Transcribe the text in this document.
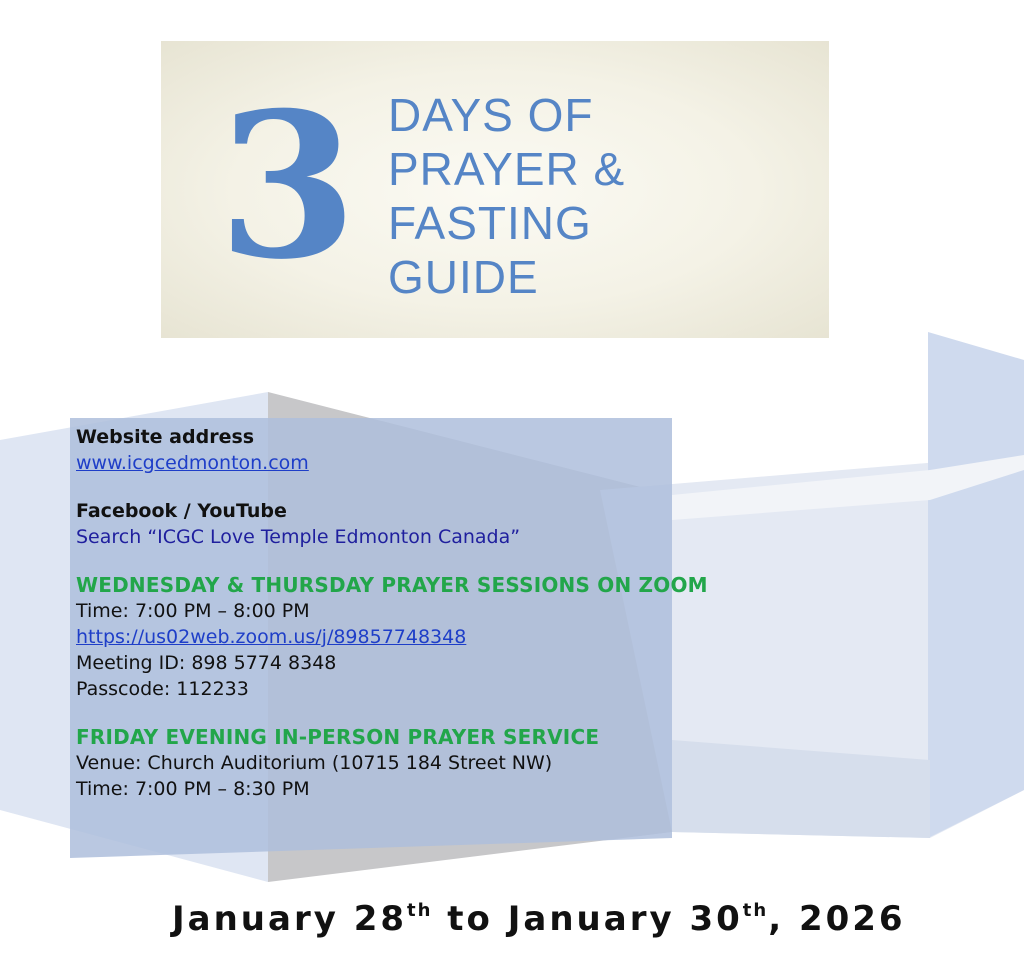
3 DAYS OF
PRAYER &
FASTING
GUIDE

Website address

www.icgcedmonton.com

Facebook / YouTube

Search “ICGC Love Temple Edmonton Canada”

WEDNESDAY & THURSDAY PRAYER SESSIONS ON ZOOM

Time: 7:00 PM – 8:00 PM

https://us02web.zoom.us/j/89857748348

Meeting ID: 898 5774 8348

Passcode: 112233

FRIDAY EVENING IN-PERSON PRAYER SERVICE

Venue: Church Auditorium (10715 184 Street NW)

Time: 7:00 PM – 8:30 PM

January 28th to January 30th, 2026
